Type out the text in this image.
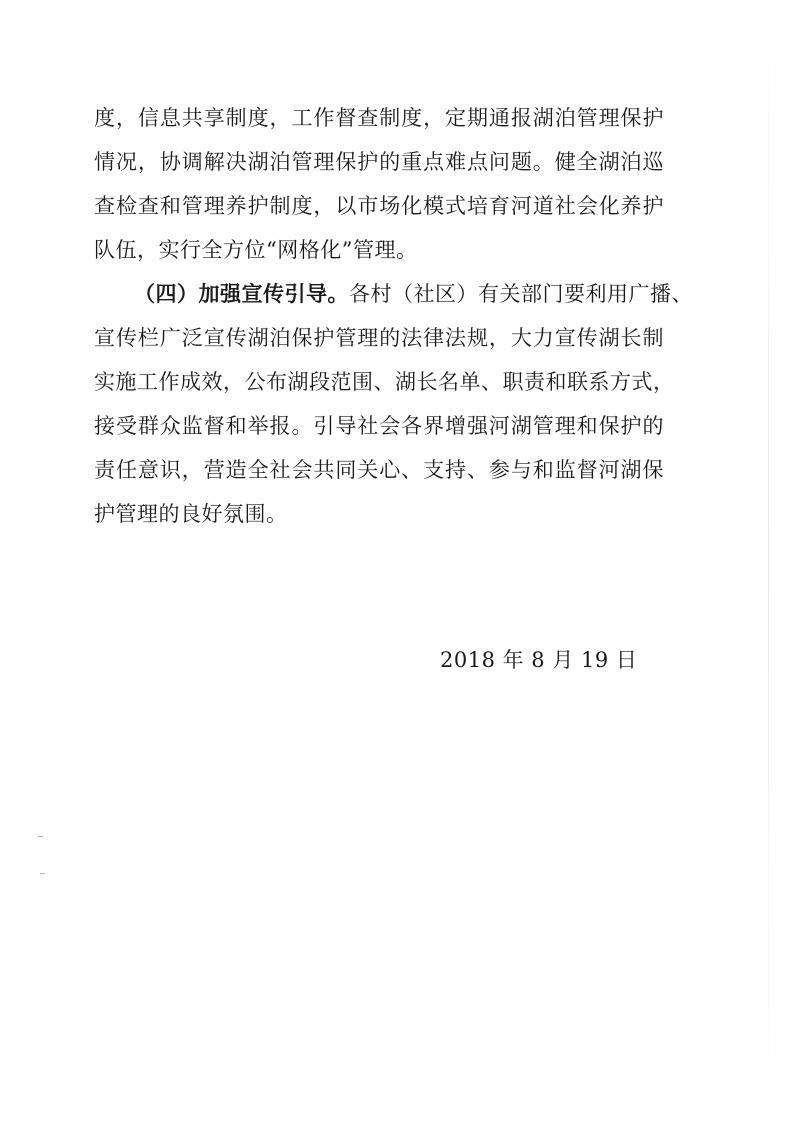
度，信息共享制度，工作督查制度，定期通报湖泊管理保护
情况，协调解决湖泊管理保护的重点难点问题。健全湖泊巡
查检查和管理养护制度，以市场化模式培育河道社会化养护
队伍，实行全方位“网格化”管理。
（四）加强宣传引导。各村（社区）有关部门要利用广播、
宣传栏广泛宣传湖泊保护管理的法律法规，大力宣传湖长制
实施工作成效，公布湖段范围、湖长名单、职责和联系方式，
接受群众监督和举报。引导社会各界增强河湖管理和保护的
责任意识，营造全社会共同关心、支持、参与和监督河湖保
护管理的良好氛围。
2018 年 8 月 19 日
